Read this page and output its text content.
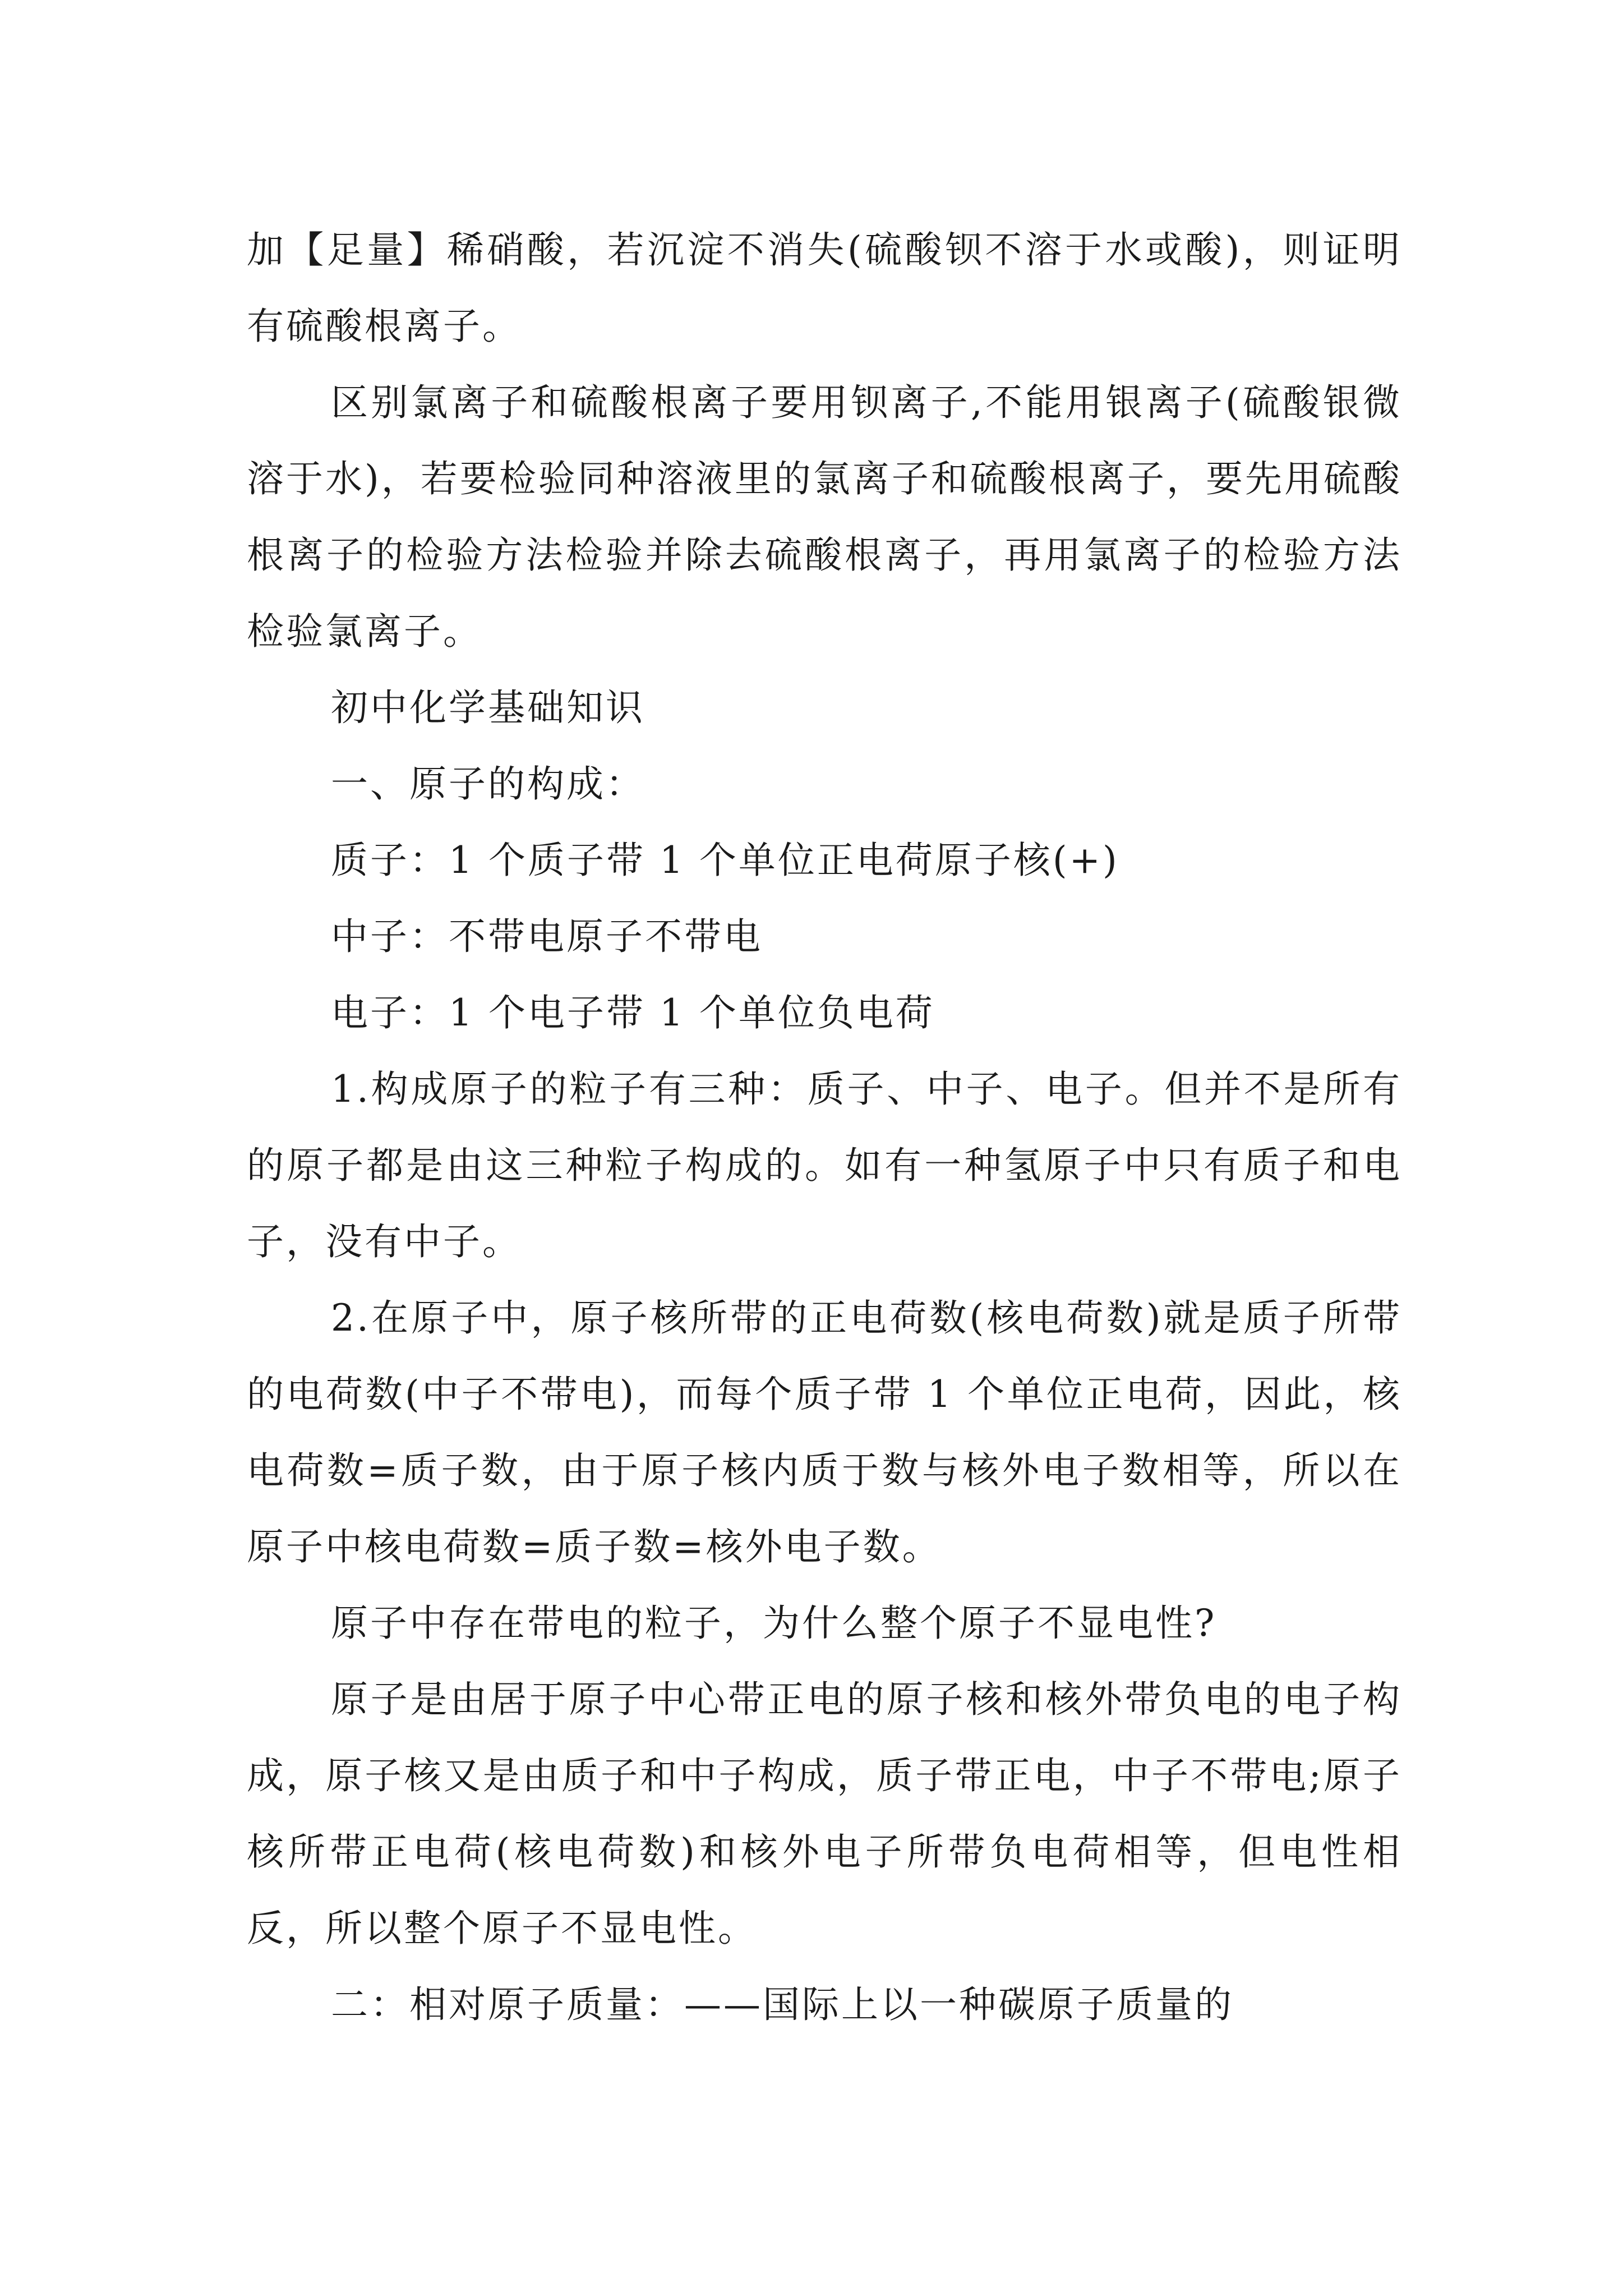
加【足量】稀硝酸，若沉淀不消失(硫酸钡不溶于水或酸)，则证明有硫酸根离子。

区别氯离子和硫酸根离子要用钡离子,不能用银离子(硫酸银微溶于水)，若要检验同种溶液里的氯离子和硫酸根离子，要先用硫酸根离子的检验方法检验并除去硫酸根离子，再用氯离子的检验方法检验氯离子。

初中化学基础知识

一、原子的构成：

质子：1 个质子带 1 个单位正电荷原子核(+)

中子：不带电原子不带电

电子：1 个电子带 1 个单位负电荷

1.构成原子的粒子有三种：质子、中子、电子。但并不是所有的原子都是由这三种粒子构成的。如有一种氢原子中只有质子和电子，没有中子。

2.在原子中，原子核所带的正电荷数(核电荷数)就是质子所带的电荷数(中子不带电)，而每个质子带 1 个单位正电荷，因此，核电荷数=质子数，由于原子核内质于数与核外电子数相等，所以在原子中核电荷数=质子数=核外电子数。

原子中存在带电的粒子，为什么整个原子不显电性?

原子是由居于原子中心带正电的原子核和核外带负电的电子构成，原子核又是由质子和中子构成，质子带正电，中子不带电;原子核所带正电荷(核电荷数)和核外电子所带负电荷相等，但电性相反，所以整个原子不显电性。

二：相对原子质量：——国际上以一种碳原子质量的
